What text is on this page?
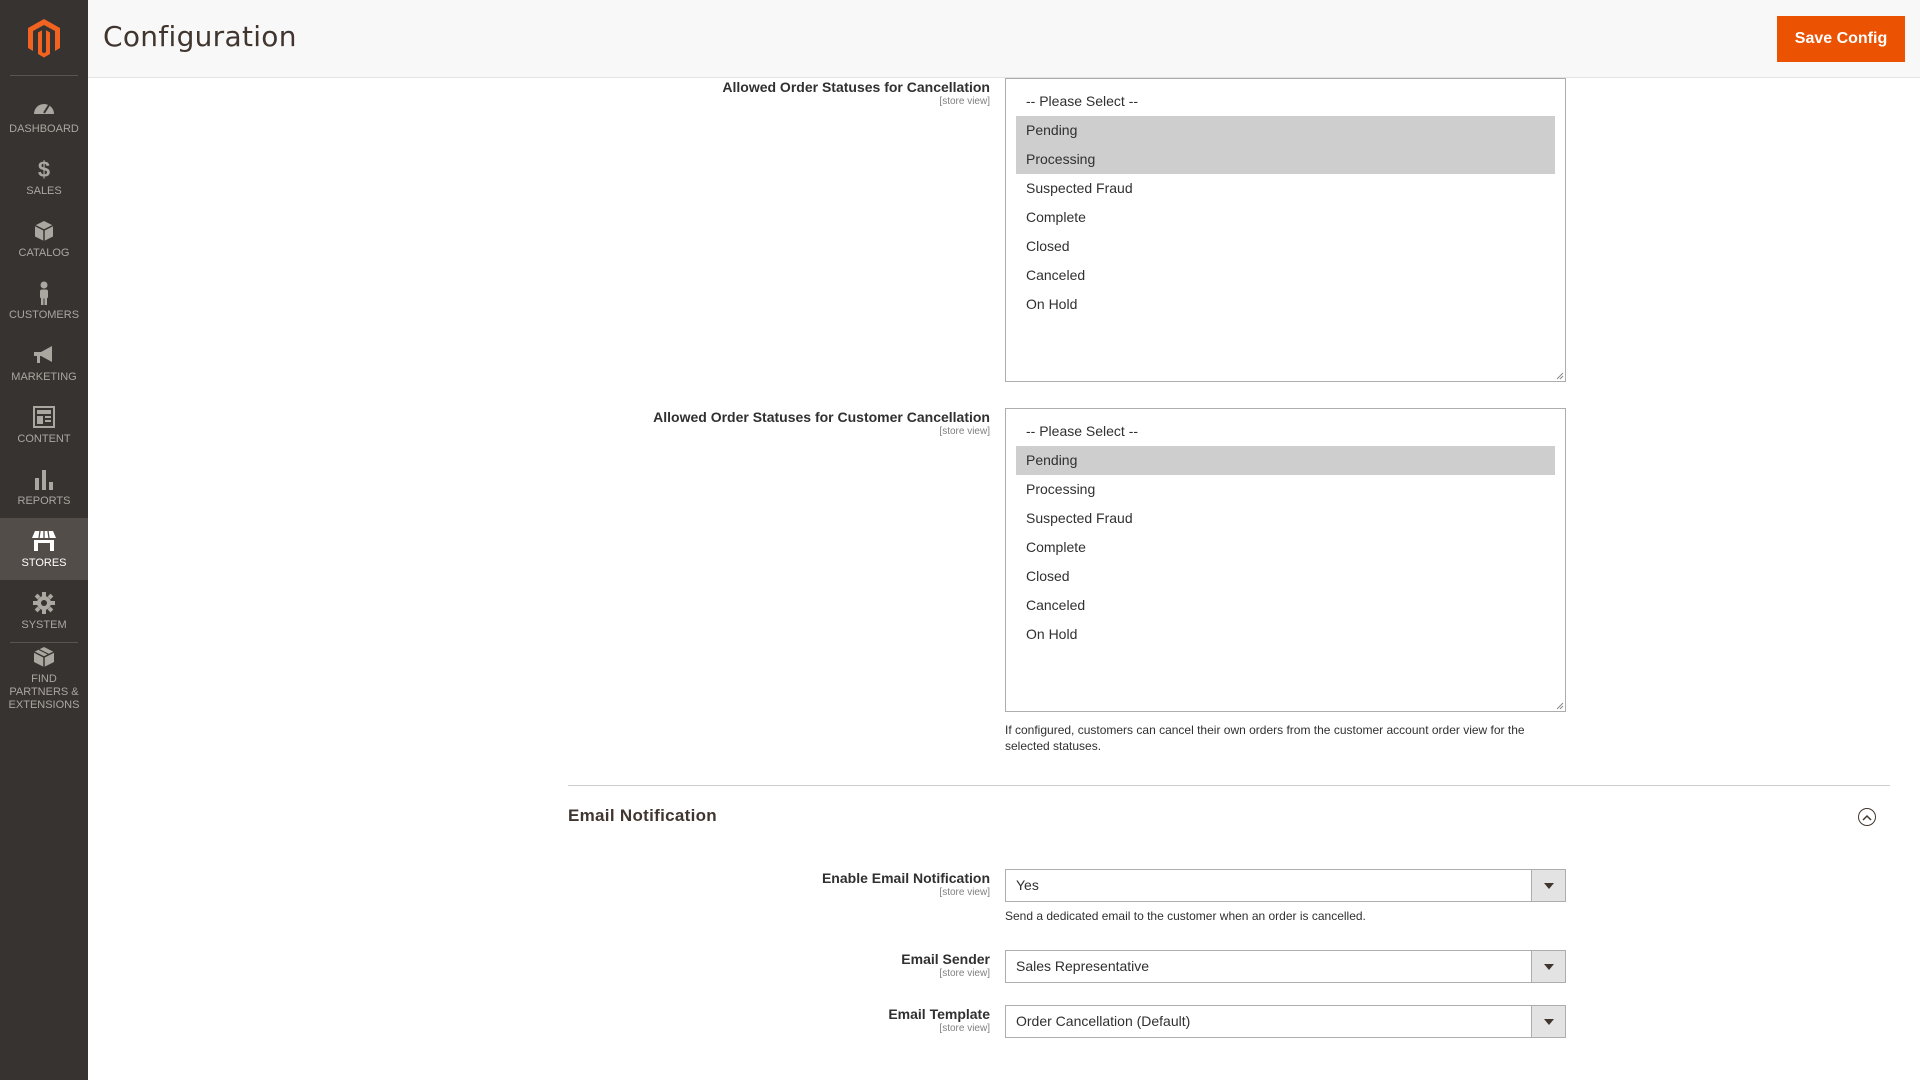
DASHBOARD
$
SALES
CATALOG
CUSTOMERS
MARKETING
CONTENT
REPORTS
STORES
SYSTEM
FIND PARTNERS & EXTENSIONS
Configuration	Save Config
Allowed Order Statuses for Cancellation
[store view]	-- Please Select --
Pending
Processing
Suspected Fraud
Complete
Closed
Canceled
On Hold
Allowed Order Statuses for Customer Cancellation
[store view]	-- Please Select --
Pending
Processing
Suspected Fraud
Complete
Closed
Canceled
On Hold
If configured, customers can cancel their own orders from the customer account order view for the selected statuses.
Email Notification
Enable Email Notification
[store view]	Yes
Send a dedicated email to the customer when an order is cancelled.
Email Sender
[store view]	Sales Representative
Email Template
[store view]	Order Cancellation (Default)
